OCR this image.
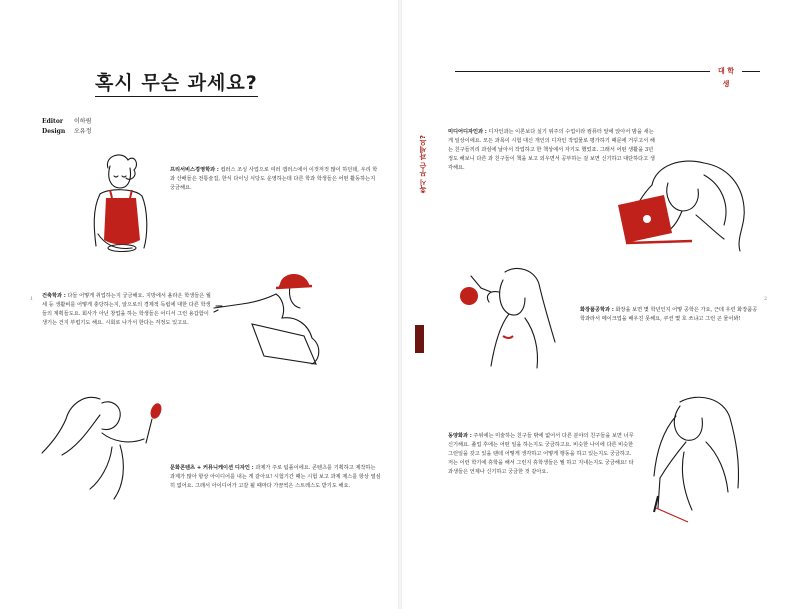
혹시 무슨 과세요?
Editor 이하림
Design 오유정
프리서비스경영학과 : 컵러스 조싱 사업으로 여러 캡러스에서 이것저것 많이 하던데, 우리 학과 산배들은 전통술집, 한식 다이닝 식당도 운영하는데 다른 학과 학생들은 어떤 활동하는지 궁금해요.
건축학과 : 다들 어떻게 취업하는지 궁금해요. 지방에서 올라온 학생들은 월세 등 생활비를 어떻게 충당하는지, 알으로의 경제적 독립에 대한 다른 학생들의 계획들도요. 회사가 아닌 창업을 하는 학생들은 어디서 그런 용갑함이 생기는 건지 부럽기도 해요. 시회로 나가서 한다는 걱정도 있고요.
문화콘텐츠 + 커뮤니케이션 디자인 : 과제가 주로 팀플이에요. 콘텐츠를 기획하고 제작하는 과제가 많아 항상 아이디어를 내는 게 같아요! 시험기간 때는 시험 보고 과제 제스를 항상 열심히 없어요. 그래서 아이디어가 고갈 될 때마다 가끔씩은 스트레스도 받기도 해요.
1
대 학
생
혹시 무슨 과세요?
미디어디자인과 : 디자인과는 이론보다 실기 위주의 수업이라 컴퓨터 앞에 앉아서 밤을 새는 게 일상이에요. 모든 과목이 시험 대신 개인의 디자인 작업물로 평가하기 때문에 거꾸고서 해는 친구들끼리 과심에 날아서 작업하고 한 책상에서 자기도 했었죠. 그래서 어떤 생활을 3년 정도 해보니 다른 과 친구들이 책을 보고 외우면서 공부하는 걸 보면 신기하고 대단하다고 생각해요.
화장품공학과 : 화장을 보면 몇 학년인지 어떻 공학은 가요, 근데 우린 화장품공학과라서 메이크업을 배우진 못해요, 쿠션 몇 호 쓰냐고 그런 곤 물어봐!
2
동양화과 : 주위에는 미술하는 친구들 밖에 없어서 다른 분야의 친구들을 보면 너무 신기해요. 졸업 후에는 어떤 일을 하는지도 궁금하고요. 비슷한 나이에 다른 비슷한 그런일을 갖고 있을 땐데 어떻게 생각하고 어떻게 행동을 하고 있는지도 궁금하고. 저는 이런 학기에 휴학을 해서 그런지 휴학생들은 뭘 하고 지내는지도 궁금해요! 타과생들은 언제나 신기하고 궁금한 것 같아요.
